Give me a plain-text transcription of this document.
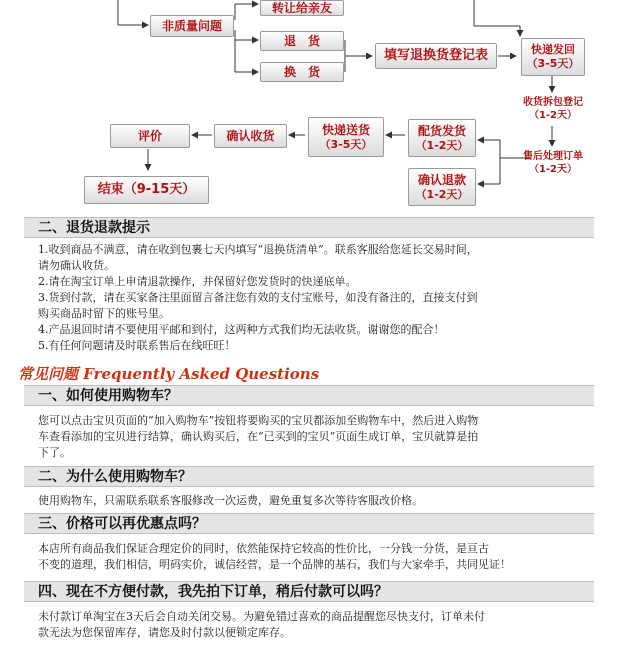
非质量问题
转让给亲友
退　货
换　货
填写退换货登记表	快递发回
（3-5天）
收货拆包登记
（1-2天）
售后处理订单
（1-2天）
配货发货
（1-2天）
确认退款
（1-2天）
快递送货
（3-5天）
确认收货
评价
结束（9-15天）
二、退货退款提示
1.收到商品不满意，请在收到包裹七天内填写“退换货清单”。联系客服给您延长交易时间，
请勿确认收货。
2.请在淘宝订单上申请退款操作，并保留好您发货时的快递底单。
3.货到付款，请在买家备注里面留言备注您有效的支付宝账号，如没有备注的，直接支付到
购买商品时留下的账号里。
4.产品退回时请不要使用平邮和到付，这两种方式我们均无法收货。谢谢您的配合！
5.有任何问题请及时联系售后在线旺旺！
常见问题 Frequently Asked Questions
一、如何使用购物车？
您可以点击宝贝页面的“加入购物车”按钮将要购买的宝贝都添加至购物车中，然后进入购物
车查看添加的宝贝进行结算，确认购买后，在“已买到的宝贝”页面生成订单，宝贝就算是拍
下了。
二、为什么使用购物车？
使用购物车，只需联系联系客服修改一次运费，避免重复多次等待客服改价格。
三、价格可以再优惠点吗？
本店所有商品我们保证合理定价的同时，依然能保持它较高的性价比，一分钱一分货，是亘古
不变的道理，我们相信，明码实价，诚信经营，是一个品牌的基石，我们与大家牵手，共同见证！
四、现在不方便付款，我先拍下订单，稍后付款可以吗？
未付款订单淘宝在3天后会自动关闭交易。为避免错过喜欢的商品提醒您尽快支付，订单未付
款无法为您保留库存，请您及时付款以便锁定库存。
